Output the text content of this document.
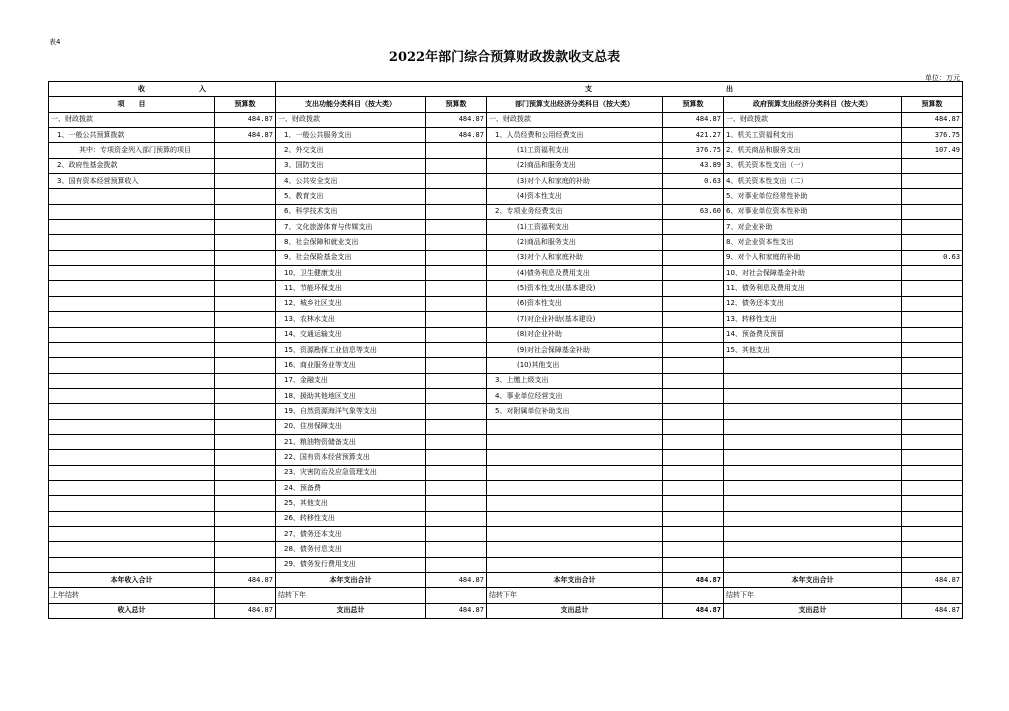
表4
2022年部门综合预算财政拨款收支总表
单位：万元
收 入		支 出					

项　　目	预算数	支出功能分类科目（按大类）	预算数	部门预算支出经济分类科目（按大类）	预算数	政府预算支出经济分类科目（按大类）	预算数
一、财政拨款	484.87	一、财政拨款	484.87	一、财政拨款	484.87	一、财政拨款	484.87
1、一般公共预算拨款	484.87	1、一般公共服务支出	484.87	1、人员经费和公用经费支出	421.27	1、机关工资福利支出	376.75
其中：专项资金列入部门预算的项目		2、外交支出		(1)工资福利支出	376.75	2、机关商品和服务支出	107.49
2、政府性基金拨款		3、国防支出		(2)商品和服务支出	43.89	3、机关资本性支出（一）	
3、国有资本经营预算收入		4、公共安全支出		(3)对个人和家庭的补助	0.63	4、机关资本性支出（二）	
		5、教育支出		(4)资本性支出		5、对事业单位经常性补助	
		6、科学技术支出		2、专项业务经费支出	63.60	6、对事业单位资本性补助	
		7、文化旅游体育与传媒支出		(1)工资福利支出		7、对企业补助	
		8、社会保障和就业支出		(2)商品和服务支出		8、对企业资本性支出	
		9、社会保险基金支出		(3)对个人和家庭补助		9、对个人和家庭的补助	0.63
		10、卫生健康支出		(4)债务利息及费用支出		10、对社会保障基金补助	
		11、节能环保支出		(5)资本性支出(基本建设)		11、债务利息及费用支出	
		12、城乡社区支出		(6)资本性支出		12、债务还本支出	
		13、农林水支出		(7)对企业补助(基本建设)		13、转移性支出	
		14、交通运输支出		(8)对企业补助		14、预备费及预留	
		15、资源勘探工业信息等支出		(9)对社会保障基金补助		15、其他支出	
		16、商业服务业等支出		(10)其他支出			
		17、金融支出		3、上缴上级支出			
		18、援助其他地区支出		4、事业单位经营支出			
		19、自然资源海洋气象等支出		5、对附属单位补助支出			
		20、住房保障支出					
		21、粮油物资储备支出					
		22、国有资本经营预算支出					
		23、灾害防治及应急管理支出					
		24、预备费					
		25、其他支出					
		26、转移性支出					
		27、债务还本支出					
		28、债务付息支出					
		29、债务发行费用支出					
本年收入合计	484.87	本年支出合计	484.87	本年支出合计	484.87	本年支出合计	484.87
上年结转		结转下年		结转下年		结转下年	
收入总计	484.87	支出总计	484.87	支出总计	484.87	支出总计	484.87
